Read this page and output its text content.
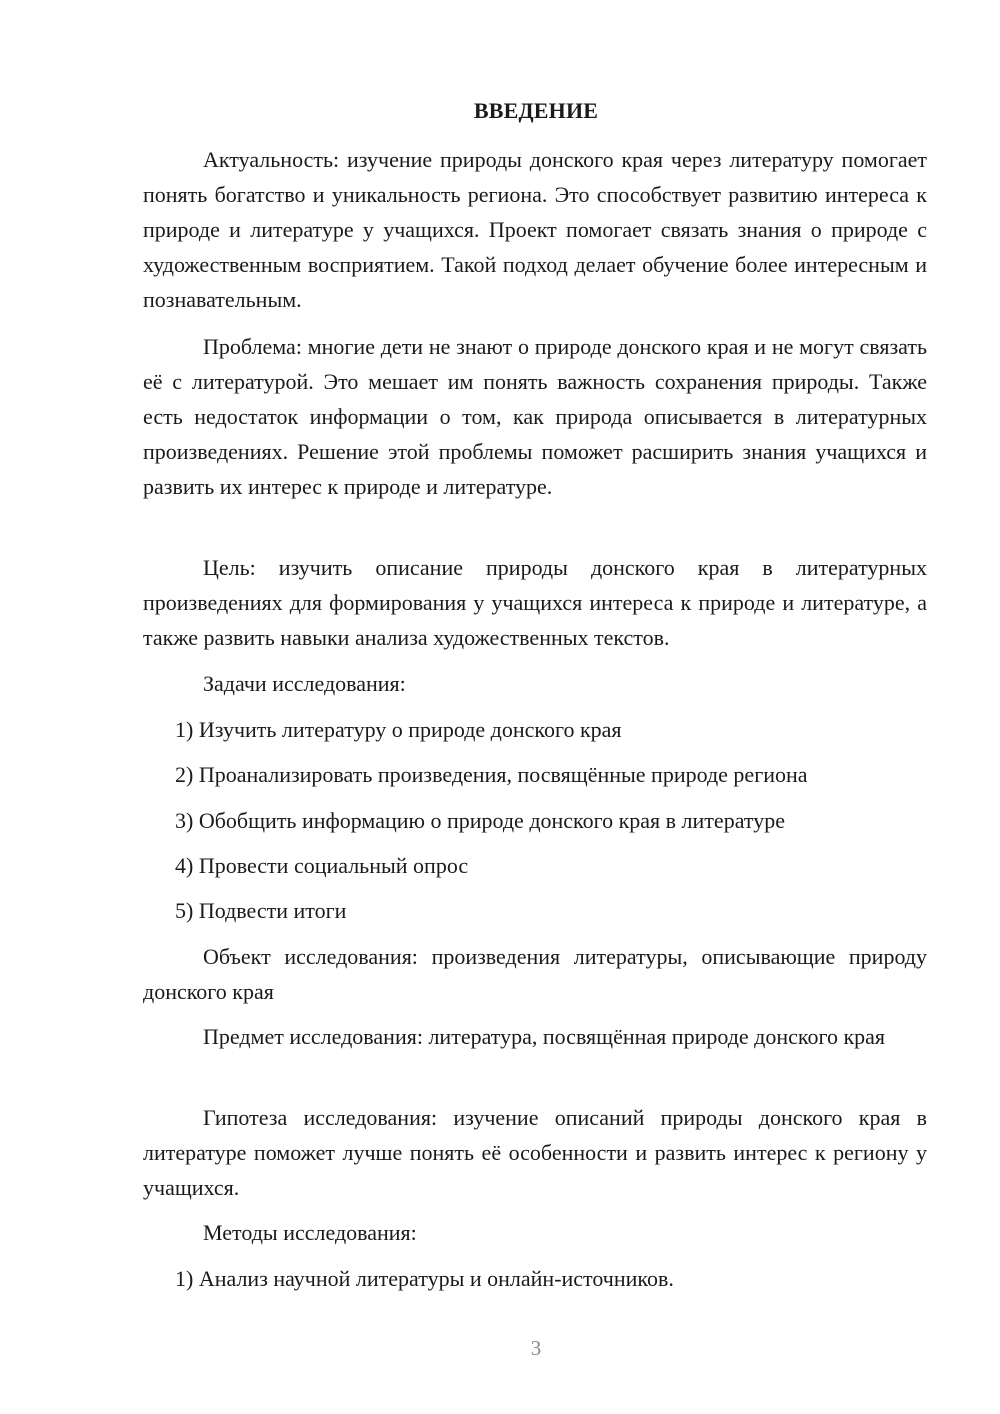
ВВЕДЕНИЕ

Актуальность: изучение природы донского края через литературу помогает понять богатство и уникальность региона. Это способствует развитию интереса к природе и литературе у учащихся. Проект помогает связать знания о природе с художественным восприятием. Такой подход делает обучение более интересным и познавательным.

Проблема: многие дети не знают о природе донского края и не могут связать её с литературой. Это мешает им понять важность сохранения природы. Также есть недостаток информации о том, как природа описывается в литературных произведениях. Решение этой проблемы поможет расширить знания учащихся и развить их интерес к природе и литературе.

Цель: изучить описание природы донского края в литературных произведениях для формирования у учащихся интереса к природе и литературе, а также развить навыки анализа художественных текстов.

Задачи исследования:

1) Изучить литературу о природе донского края

2) Проанализировать произведения, посвящённые природе региона

3) Обобщить информацию о природе донского края в литературе

4) Провести социальный опрос

5) Подвести итоги

Объект исследования: произведения литературы, описывающие природу донского края

Предмет исследования: литература, посвящённая природе донского края

Гипотеза исследования: изучение описаний природы донского края в литературе поможет лучше понять её особенности и развить интерес к региону у учащихся.

Методы исследования:

1) Анализ научной литературы и онлайн-источников.

3
